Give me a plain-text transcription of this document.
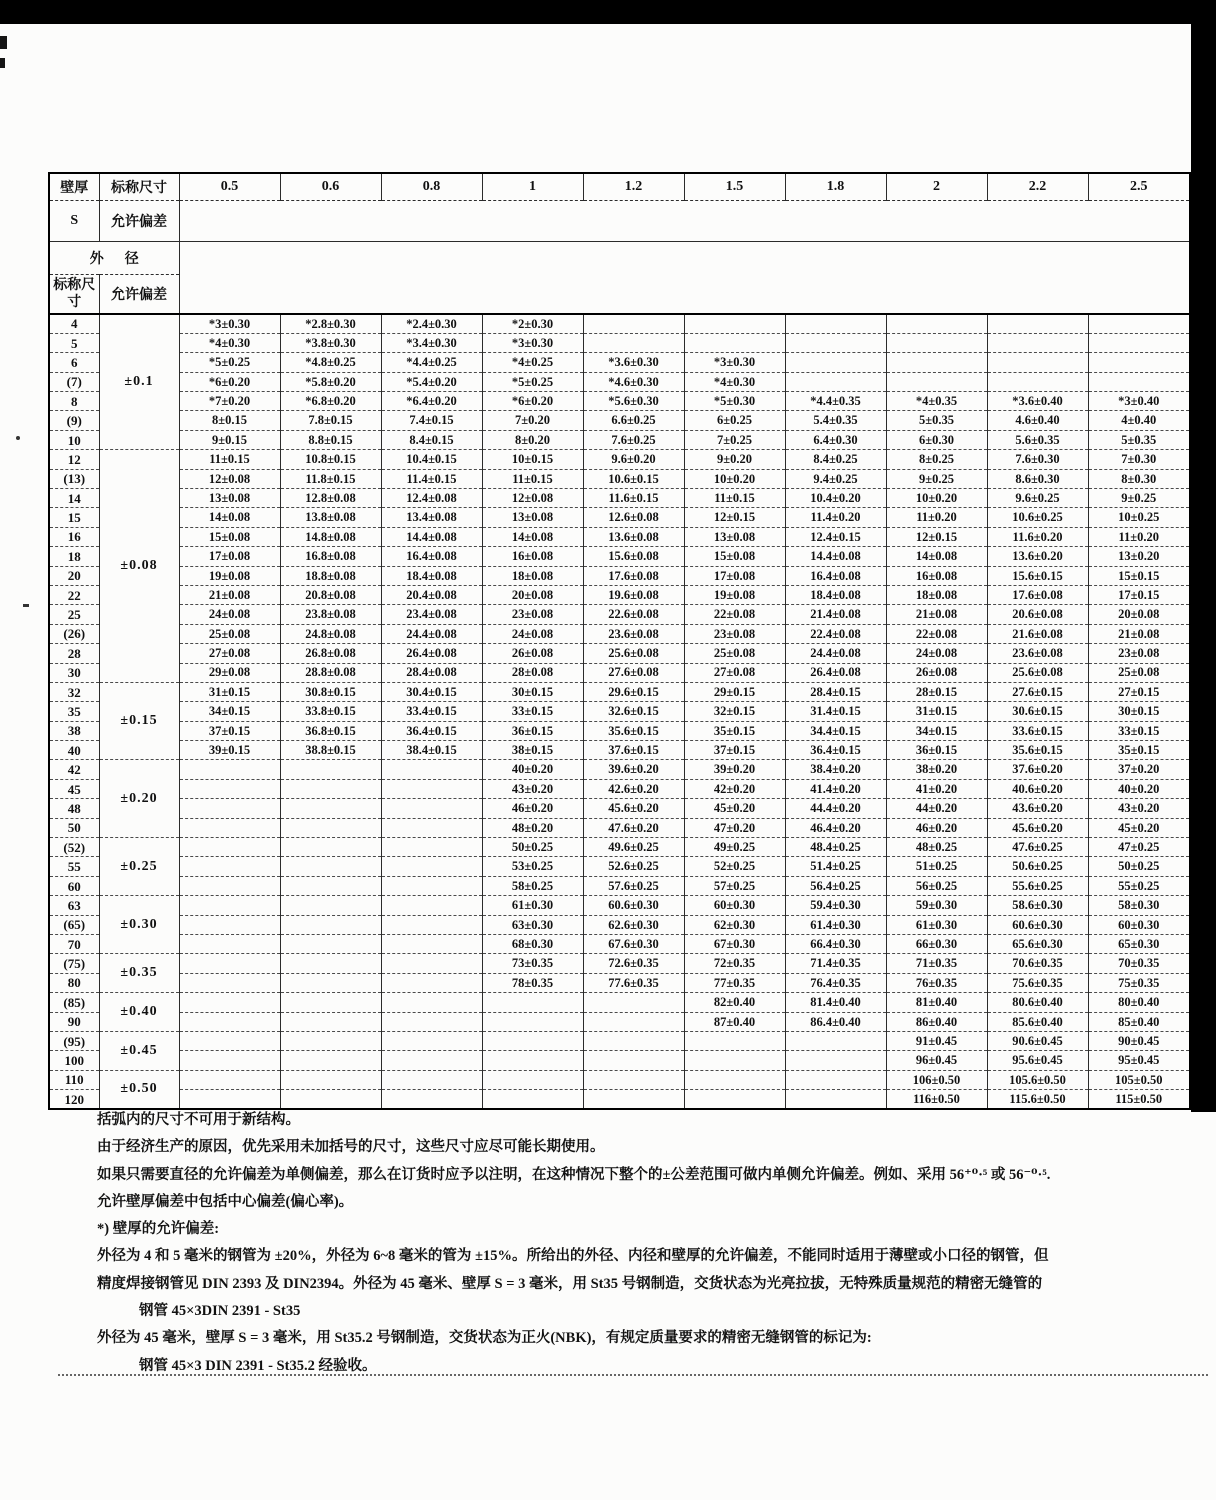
壁厚	标称尺寸	0.5	0.6	0.8	1	1.2	1.5	1.8	2	2.2	2.5
S	允许偏差										
外      径											
标称尺寸	允许偏差										
4	±0.1	*3±0.30	*2.8±0.30	*2.4±0.30	*2±0.30						
5		*4±0.30	*3.8±0.30	*3.4±0.30	*3±0.30						
6		*5±0.25	*4.8±0.25	*4.4±0.25	*4±0.25	*3.6±0.30	*3±0.30				
(7)		*6±0.20	*5.8±0.20	*5.4±0.20	*5±0.25	*4.6±0.30	*4±0.30				
8		*7±0.20	*6.8±0.20	*6.4±0.20	*6±0.20	*5.6±0.30	*5±0.30	*4.4±0.35	*4±0.35	*3.6±0.40	*3±0.40
(9)		8±0.15	7.8±0.15	7.4±0.15	7±0.20	6.6±0.25	6±0.25	5.4±0.35	5±0.35	4.6±0.40	4±0.40
10		9±0.15	8.8±0.15	8.4±0.15	8±0.20	7.6±0.25	7±0.25	6.4±0.30	6±0.30	5.6±0.35	5±0.35
12	±0.08	11±0.15	10.8±0.15	10.4±0.15	10±0.15	9.6±0.20	9±0.20	8.4±0.25	8±0.25	7.6±0.30	7±0.30
(13)		12±0.08	11.8±0.15	11.4±0.15	11±0.15	10.6±0.15	10±0.20	9.4±0.25	9±0.25	8.6±0.30	8±0.30
14		13±0.08	12.8±0.08	12.4±0.08	12±0.08	11.6±0.15	11±0.15	10.4±0.20	10±0.20	9.6±0.25	9±0.25
15		14±0.08	13.8±0.08	13.4±0.08	13±0.08	12.6±0.08	12±0.15	11.4±0.20	11±0.20	10.6±0.25	10±0.25
16		15±0.08	14.8±0.08	14.4±0.08	14±0.08	13.6±0.08	13±0.08	12.4±0.15	12±0.15	11.6±0.20	11±0.20
18		17±0.08	16.8±0.08	16.4±0.08	16±0.08	15.6±0.08	15±0.08	14.4±0.08	14±0.08	13.6±0.20	13±0.20
20		19±0.08	18.8±0.08	18.4±0.08	18±0.08	17.6±0.08	17±0.08	16.4±0.08	16±0.08	15.6±0.15	15±0.15
22		21±0.08	20.8±0.08	20.4±0.08	20±0.08	19.6±0.08	19±0.08	18.4±0.08	18±0.08	17.6±0.08	17±0.15
25		24±0.08	23.8±0.08	23.4±0.08	23±0.08	22.6±0.08	22±0.08	21.4±0.08	21±0.08	20.6±0.08	20±0.08
(26)		25±0.08	24.8±0.08	24.4±0.08	24±0.08	23.6±0.08	23±0.08	22.4±0.08	22±0.08	21.6±0.08	21±0.08
28		27±0.08	26.8±0.08	26.4±0.08	26±0.08	25.6±0.08	25±0.08	24.4±0.08	24±0.08	23.6±0.08	23±0.08
30		29±0.08	28.8±0.08	28.4±0.08	28±0.08	27.6±0.08	27±0.08	26.4±0.08	26±0.08	25.6±0.08	25±0.08
32	±0.15	31±0.15	30.8±0.15	30.4±0.15	30±0.15	29.6±0.15	29±0.15	28.4±0.15	28±0.15	27.6±0.15	27±0.15
35		34±0.15	33.8±0.15	33.4±0.15	33±0.15	32.6±0.15	32±0.15	31.4±0.15	31±0.15	30.6±0.15	30±0.15
38		37±0.15	36.8±0.15	36.4±0.15	36±0.15	35.6±0.15	35±0.15	34.4±0.15	34±0.15	33.6±0.15	33±0.15
40		39±0.15	38.8±0.15	38.4±0.15	38±0.15	37.6±0.15	37±0.15	36.4±0.15	36±0.15	35.6±0.15	35±0.15
42	±0.20				40±0.20	39.6±0.20	39±0.20	38.4±0.20	38±0.20	37.6±0.20	37±0.20
45					43±0.20	42.6±0.20	42±0.20	41.4±0.20	41±0.20	40.6±0.20	40±0.20
48					46±0.20	45.6±0.20	45±0.20	44.4±0.20	44±0.20	43.6±0.20	43±0.20
50					48±0.20	47.6±0.20	47±0.20	46.4±0.20	46±0.20	45.6±0.20	45±0.20
(52)	±0.25				50±0.25	49.6±0.25	49±0.25	48.4±0.25	48±0.25	47.6±0.25	47±0.25
55					53±0.25	52.6±0.25	52±0.25	51.4±0.25	51±0.25	50.6±0.25	50±0.25
60					58±0.25	57.6±0.25	57±0.25	56.4±0.25	56±0.25	55.6±0.25	55±0.25
63	±0.30				61±0.30	60.6±0.30	60±0.30	59.4±0.30	59±0.30	58.6±0.30	58±0.30
(65)					63±0.30	62.6±0.30	62±0.30	61.4±0.30	61±0.30	60.6±0.30	60±0.30
70					68±0.30	67.6±0.30	67±0.30	66.4±0.30	66±0.30	65.6±0.30	65±0.30
(75)	±0.35				73±0.35	72.6±0.35	72±0.35	71.4±0.35	71±0.35	70.6±0.35	70±0.35
80					78±0.35	77.6±0.35	77±0.35	76.4±0.35	76±0.35	75.6±0.35	75±0.35
(85)	±0.40						82±0.40	81.4±0.40	81±0.40	80.6±0.40	80±0.40
90							87±0.40	86.4±0.40	86±0.40	85.6±0.40	85±0.40
(95)	±0.45								91±0.45	90.6±0.45	90±0.45
100									96±0.45	95.6±0.45	95±0.45
110	±0.50								106±0.50	105.6±0.50	105±0.50
120									116±0.50	115.6±0.50	115±0.50
括弧内的尺寸不可用于新结构。
由于经济生产的原因，优先采用未加括号的尺寸，这些尺寸应尽可能长期使用。
如果只需要直径的允许偏差为单侧偏差，那么在订货时应予以注明，在这种情况下整个的±公差范围可做内单侧允许偏差。例如、采用 56⁺⁰·⁵ 或 56⁻⁰·⁵.
允许壁厚偏差中包括中心偏差(偏心率)。
*) 壁厚的允许偏差:
外径为 4 和 5 毫米的钢管为 ±20%，外径为 6~8 毫米的管为 ±15%。所给出的外径、内径和壁厚的允许偏差，不能同时适用于薄壁或小口径的钢管，但
精度焊接钢管见 DIN 2393 及 DIN2394。外径为 45 毫米、壁厚 S = 3 毫米，用 St35 号钢制造，交货状态为光亮拉拔，无特殊质量规范的精密无缝管的
钢管 45×3DIN 2391 - St35
外径为 45 毫米，壁厚 S = 3 毫米，用 St35.2 号钢制造，交货状态为正火(NBK)，有规定质量要求的精密无缝钢管的标记为:
钢管 45×3 DIN 2391 - St35.2 经验收。
